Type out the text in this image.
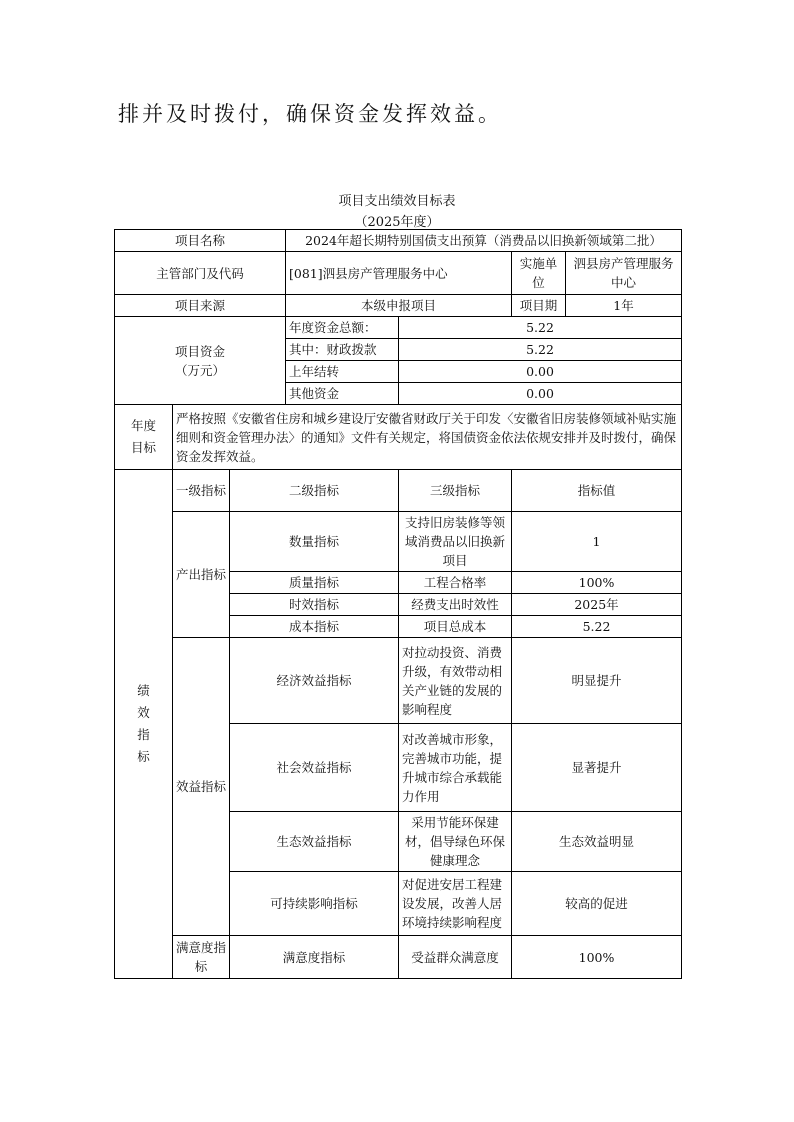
排并及时拨付，确保资金发挥效益。
项目支出绩效目标表
（2025年度）
项目名称			2024年超长期特别国债支出预算（消费品以旧换新领域第二批）			
主管部门及代码			[081]泗县房产管理服务中心		实施单位	泗县房产管理服务中心
项目来源			本级申报项目		项目期	1年

项目资金
（万元）			年度资金总额：	5.22		
			其中：财政拨款	5.22		
			上年结转	0.00		
			其他资金	0.00		

年度
目标	严格按照《安徽省住房和城乡建设厅安徽省财政厅关于印发〈安徽省旧房装修领域补贴实施细则和资金管理办法〉的通知》文件有关规定，将国债资金依法依规安排并及时拨付，确保资金发挥效益。					

绩
效
指
标	一级指标	二级指标		三级指标	指标值	
	产出指标	数量指标		支持旧房装修等领域消费品以旧换新项目	1	
		质量指标		工程合格率	100%	
		时效指标		经费支出时效性	2025年	
		成本指标		项目总成本	5.22	
	效益指标	经济效益指标		对拉动投资、消费升级，有效带动相关产业链的发展的影响程度	明显提升	
		社会效益指标		对改善城市形象，完善城市功能，提升城市综合承载能力作用	显著提升	
		生态效益指标		采用节能环保建材，倡导绿色环保健康理念	生态效益明显	
		可持续影响指标		对促进安居工程建设发展，改善人居环境持续影响程度	较高的促进	
	满意度指标	满意度指标		受益群众满意度	100%	
